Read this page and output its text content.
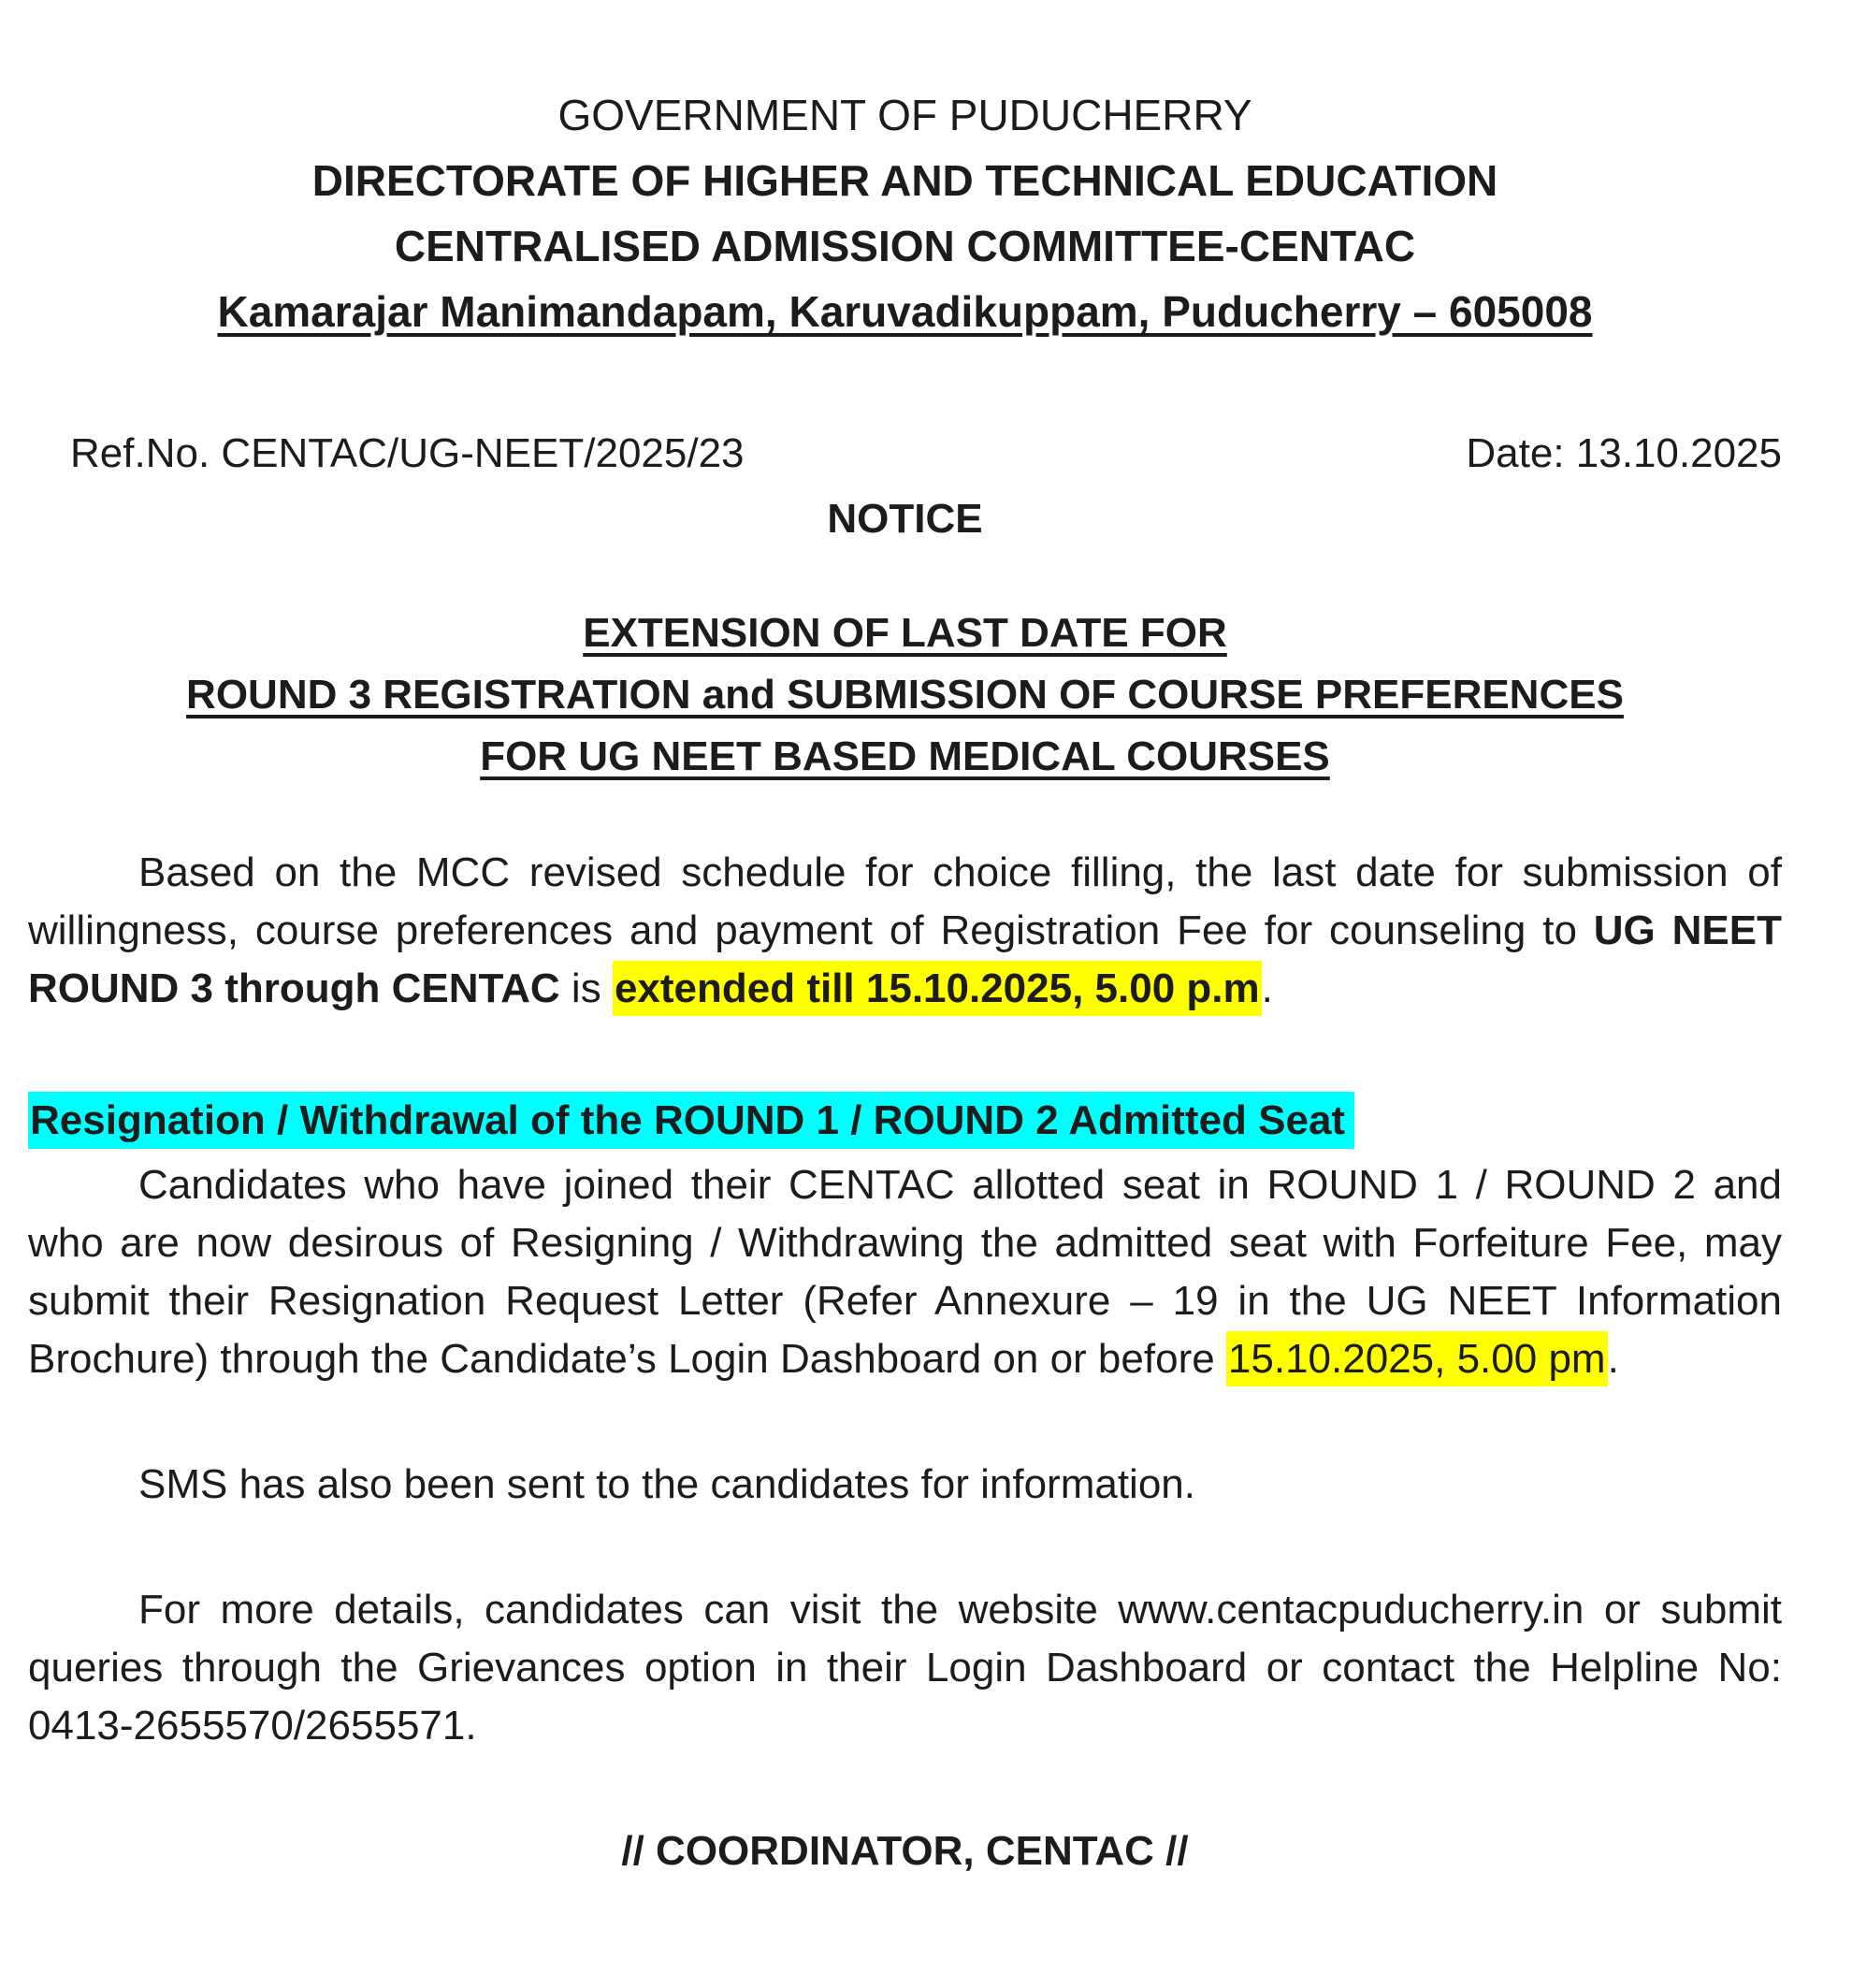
GOVERNMENT OF PUDUCHERRY
DIRECTORATE OF HIGHER AND TECHNICAL EDUCATION
CENTRALISED ADMISSION COMMITTEE-CENTAC
Kamarajar Manimandapam, Karuvadikuppam, Puducherry – 605008
Ref.No. CENTAC/UG-NEET/2025/23	Date: 13.10.2025
NOTICE
EXTENSION OF LAST DATE FOR
ROUND 3 REGISTRATION and SUBMISSION OF COURSE PREFERENCES
FOR UG NEET BASED MEDICAL COURSES

Based on the MCC revised schedule for choice filling, the last date for submission of willingness, course preferences and payment of Registration Fee for counseling to UG NEET ROUND 3 through CENTAC is extended till 15.10.2025, 5.00 p.m.

Resignation / Withdrawal of the ROUND 1 / ROUND 2 Admitted Seat

Candidates who have joined their CENTAC allotted seat in ROUND 1 / ROUND 2 and who are now desirous of Resigning / Withdrawing the admitted seat with Forfeiture Fee, may submit their Resignation Request Letter (Refer Annexure – 19 in the UG NEET Information Brochure) through the Candidate’s Login Dashboard on or before 15.10.2025, 5.00 pm.

SMS has also been sent to the candidates for information.

For more details, candidates can visit the website www.centacpuducherry.in or submit queries through the Grievances option in their Login Dashboard or contact the Helpline No: 0413-2655570/2655571.

// COORDINATOR, CENTAC //
